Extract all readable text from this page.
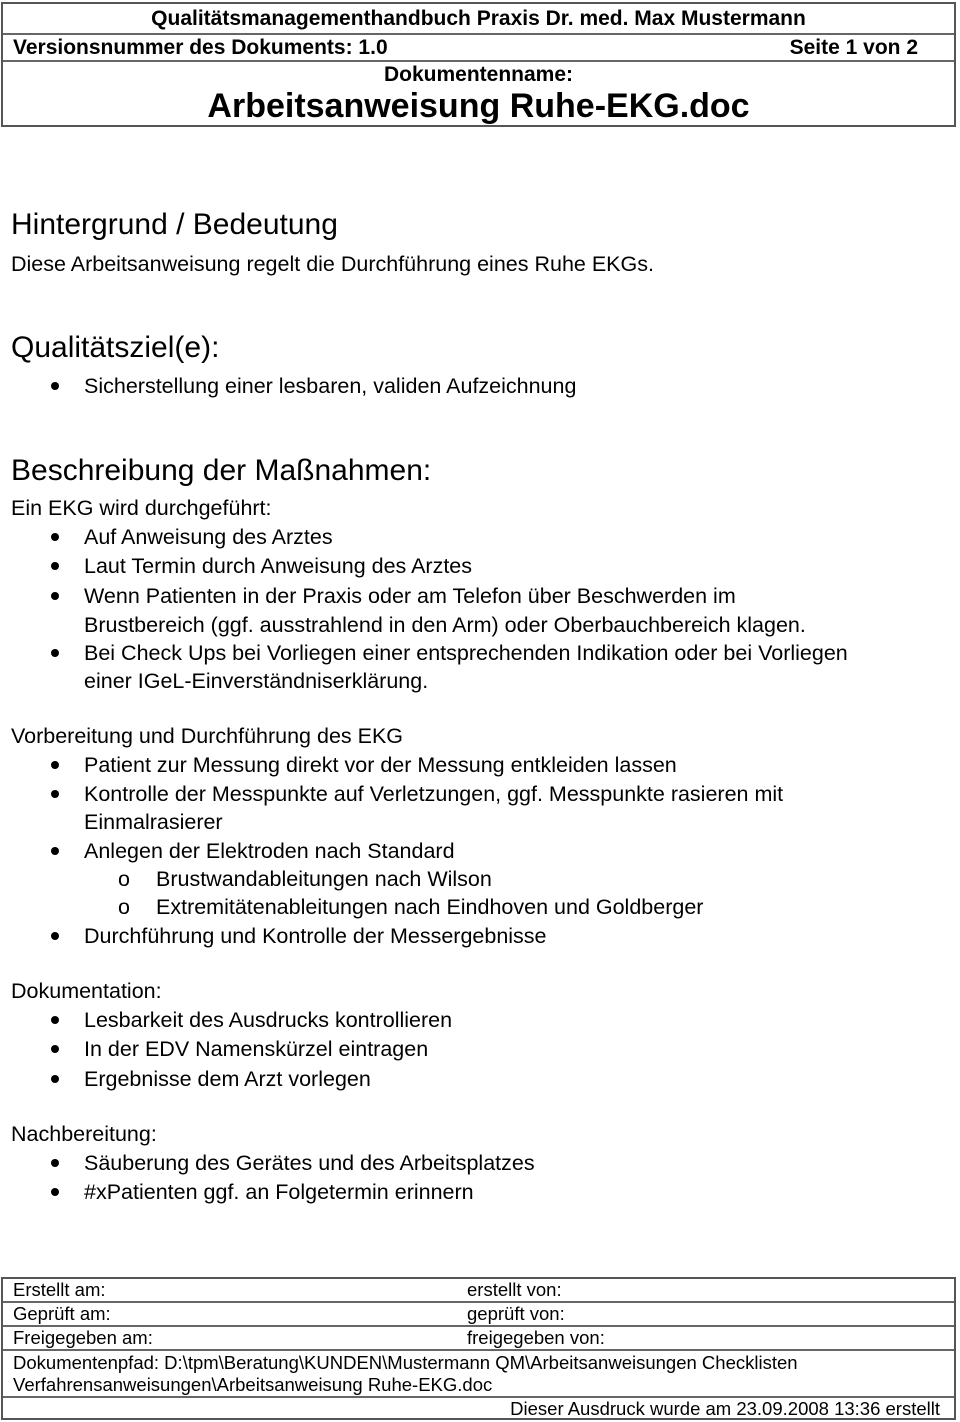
Qualitätsmanagementhandbuch Praxis Dr. med. Max Mustermann
Versionsnummer des Dokuments: 1.0	Seite 1 von 2
Dokumentenname:
Arbeitsanweisung Ruhe-EKG.doc
Hintergrund / Bedeutung
Diese Arbeitsanweisung regelt die Durchführung eines Ruhe EKGs.
Qualitätsziel(e):
Sicherstellung einer lesbaren, validen Aufzeichnung
Beschreibung der Maßnahmen:
Ein EKG wird durchgeführt:
Auf Anweisung des Arztes
Laut Termin durch Anweisung des Arztes
Wenn Patienten in der Praxis oder am Telefon über Beschwerden im
Brustbereich (ggf. ausstrahlend in den Arm) oder Oberbauchbereich klagen.
Bei Check Ups bei Vorliegen einer entsprechenden Indikation oder bei Vorliegen
einer IGeL-Einverständniserklärung.
Vorbereitung und Durchführung des EKG
Patient zur Messung direkt vor der Messung entkleiden lassen
Kontrolle der Messpunkte auf Verletzungen, ggf. Messpunkte rasieren mit
Einmalrasierer
Anlegen der Elektroden nach Standard
o Brustwandableitungen nach Wilson
o Extremitätenableitungen nach Eindhoven und Goldberger
Durchführung und Kontrolle der Messergebnisse
Dokumentation:
Lesbarkeit des Ausdrucks kontrollieren
In der EDV Namenskürzel eintragen
Ergebnisse dem Arzt vorlegen
Nachbereitung:
Säuberung des Gerätes und des Arbeitsplatzes
#xPatienten ggf. an Folgetermin erinnern
Erstellt am:	erstellt von:
Geprüft am:	geprüft von:
Freigegeben am:	freigegeben von:
Dokumentenpfad: D:\tpm\Beratung\KUNDEN\Mustermann QM\Arbeitsanweisungen Checklisten
Verfahrensanweisungen\Arbeitsanweisung Ruhe-EKG.doc
Dieser Ausdruck wurde am 23.09.2008 13:36 erstellt
